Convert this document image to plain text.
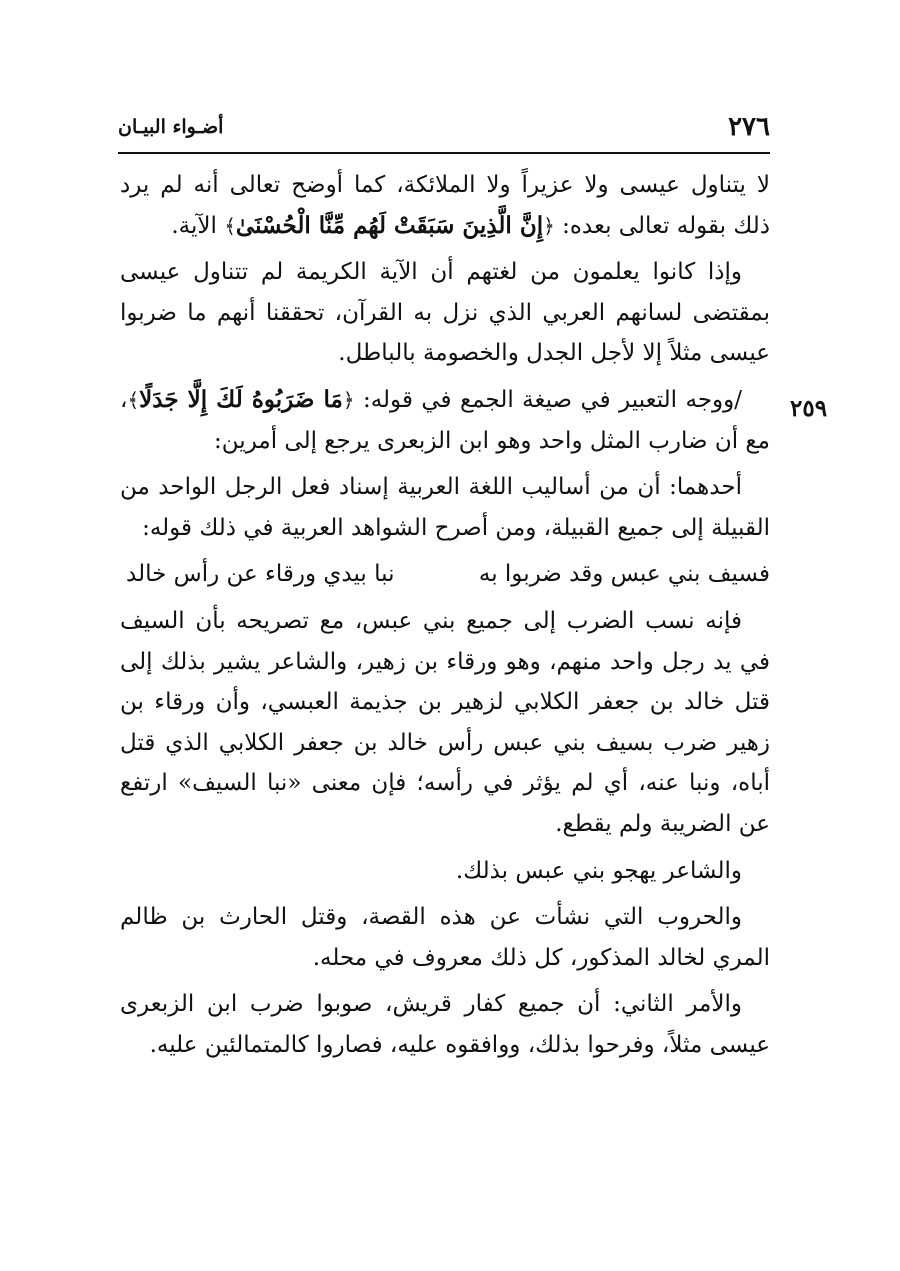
٢٧٦
أضـواء البيـان
٢٥٩

لا يتناول عيسى ولا عزيراً ولا الملائكة، كما أوضح تعالى أنه لم يرد ذلك بقوله تعالى بعده: ﴿إِنَّ الَّذِينَ سَبَقَتْ لَهُم مِّنَّا الْحُسْنَىٰ﴾ الآية.

وإذا كانوا يعلمون من لغتهم أن الآية الكريمة لم تتناول عيسى بمقتضى لسانهم العربي الذي نزل به القرآن، تحققنا أنهم ما ضربوا عيسى مثلاً إلا لأجل الجدل والخصومة بالباطل.

/ووجه التعبير في صيغة الجمع في قوله: ﴿مَا ضَرَبُوهُ لَكَ إِلَّا جَدَلًا﴾، مع أن ضارب المثل واحد وهو ابن الزبعرى يرجع إلى أمرين:

أحدهما: أن من أساليب اللغة العربية إسناد فعل الرجل الواحد من القبيلة إلى جميع القبيلة، ومن أصرح الشواهد العربية في ذلك قوله:

فسيف بني عبس وقد ضربوا به
نبا بيدي ورقاء عن رأس خالد

فإنه نسب الضرب إلى جميع بني عبس، مع تصريحه بأن السيف في يد رجل واحد منهم، وهو ورقاء بن زهير، والشاعر يشير بذلك إلى قتل خالد بن جعفر الكلابي لزهير بن جذيمة العبسي، وأن ورقاء بن زهير ضرب بسيف بني عبس رأس خالد بن جعفر الكلابي الذي قتل أباه، ونبا عنه، أي لم يؤثر في رأسه؛ فإن معنى «نبا السيف» ارتفع عن الضريبة ولم يقطع.

والشاعر يهجو بني عبس بذلك.

والحروب التي نشأت عن هذه القصة، وقتل الحارث بن ظالم المري لخالد المذكور، كل ذلك معروف في محله.

والأمر الثاني: أن جميع كفار قريش، صوبوا ضرب ابن الزبعرى عيسى مثلاً، وفرحوا بذلك، ووافقوه عليه، فصاروا كالمتمالئين عليه.
